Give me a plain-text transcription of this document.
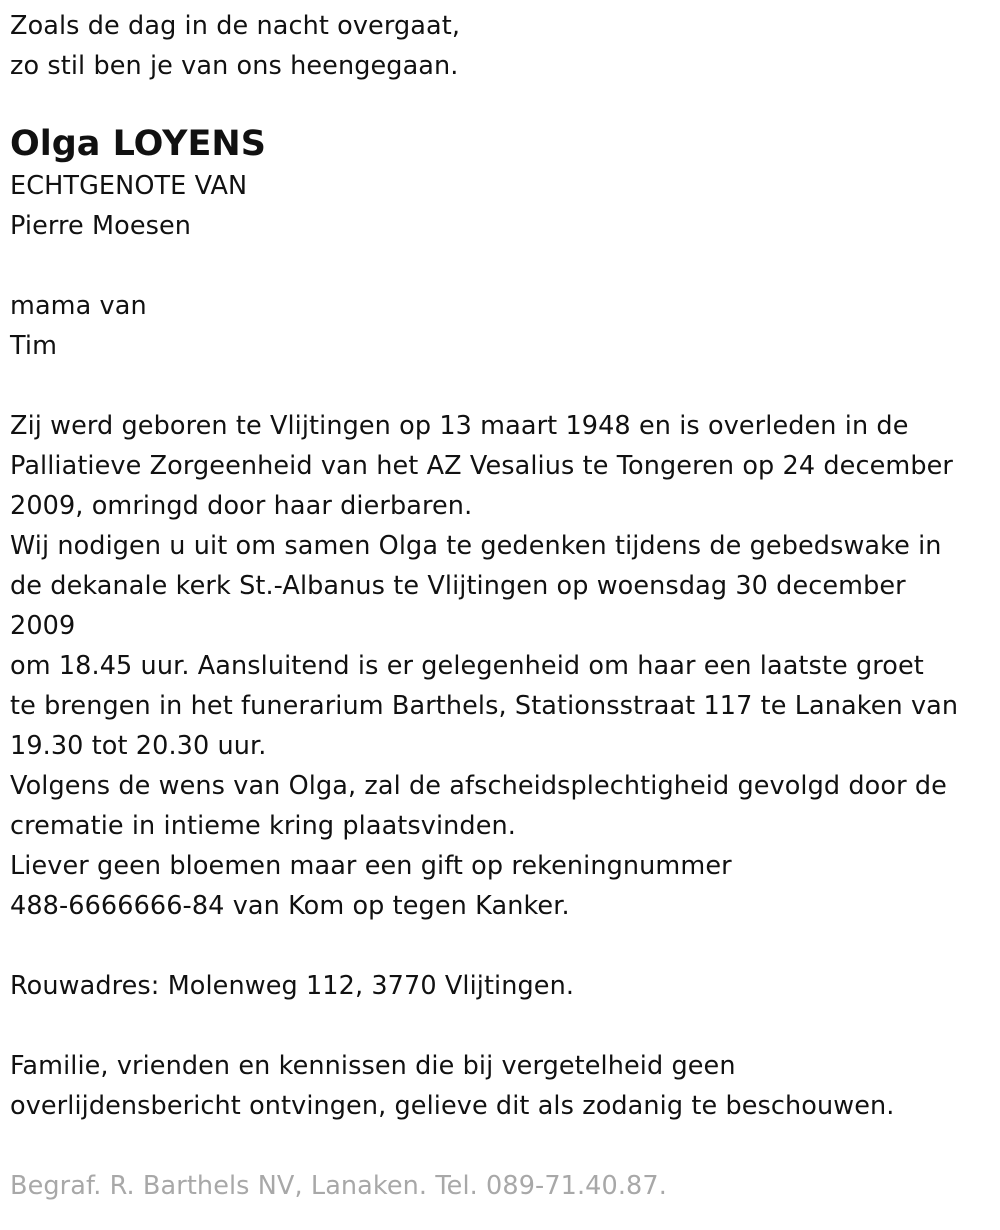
Zoals de dag in de nacht overgaat,
zo stil ben je van ons heengegaan.
Olga LOYENS
ECHTGENOTE VAN
Pierre Moesen
mama van
Tim
Zij werd geboren te Vlijtingen op 13 maart 1948 en is overleden in de
Palliatieve Zorgeenheid van het AZ Vesalius te Tongeren op 24 december
2009, omringd door haar dierbaren.
Wij nodigen u uit om samen Olga te gedenken tijdens de gebedswake in
de dekanale kerk St.-Albanus te Vlijtingen op woensdag 30 december
2009
om 18.45 uur. Aansluitend is er gelegenheid om haar een laatste groet
te brengen in het funerarium Barthels, Stationsstraat 117 te Lanaken van
19.30 tot 20.30 uur.
Volgens de wens van Olga, zal de afscheidsplechtigheid gevolgd door de
crematie in intieme kring plaatsvinden.
Liever geen bloemen maar een gift op rekeningnummer
488-6666666-84 van Kom op tegen Kanker.
Rouwadres: Molenweg 112, 3770 Vlijtingen.
Familie, vrienden en kennissen die bij vergetelheid geen
overlijdensbericht ontvingen, gelieve dit als zodanig te beschouwen.
Begraf. R. Barthels NV, Lanaken. Tel. 089-71.40.87.
